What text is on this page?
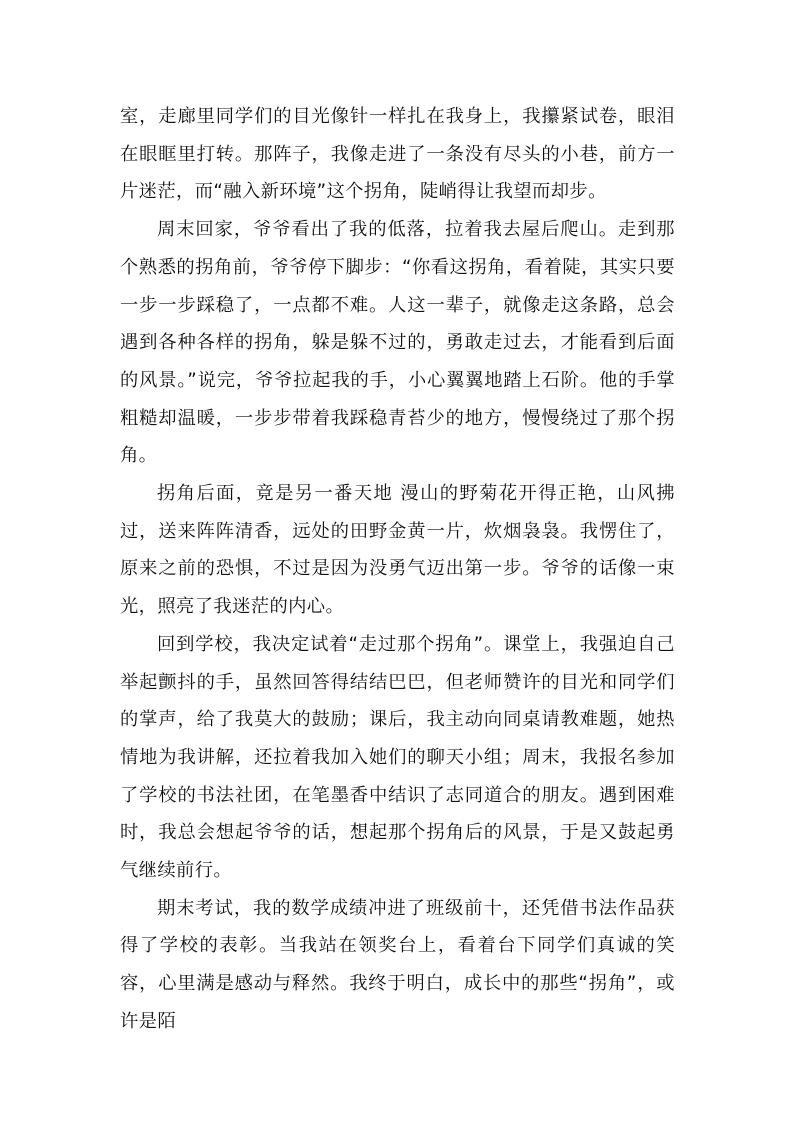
室，走廊里同学们的目光像针一样扎在我身上，我攥紧试卷，眼泪在眼眶里打转。那阵子，我像走进了一条没有尽头的小巷，前方一片迷茫，而“融入新环境”这个拐角，陡峭得让我望而却步。

周末回家，爷爷看出了我的低落，拉着我去屋后爬山。走到那个熟悉的拐角前，爷爷停下脚步：“你看这拐角，看着陡，其实只要一步一步踩稳了，一点都不难。人这一辈子，就像走这条路，总会遇到各种各样的拐角，躲是躲不过的，勇敢走过去，才能看到后面的风景。”说完，爷爷拉起我的手，小心翼翼地踏上石阶。他的手掌粗糙却温暖，一步步带着我踩稳青苔少的地方，慢慢绕过了那个拐角。

拐角后面，竟是另一番天地 漫山的野菊花开得正艳，山风拂过，送来阵阵清香，远处的田野金黄一片，炊烟袅袅。我愣住了，原来之前的恐惧，不过是因为没勇气迈出第一步。爷爷的话像一束光，照亮了我迷茫的内心。

回到学校，我决定试着“走过那个拐角”。课堂上，我强迫自己举起颤抖的手，虽然回答得结结巴巴，但老师赞许的目光和同学们的掌声，给了我莫大的鼓励；课后，我主动向同桌请教难题，她热情地为我讲解，还拉着我加入她们的聊天小组；周末，我报名参加了学校的书法社团，在笔墨香中结识了志同道合的朋友。遇到困难时，我总会想起爷爷的话，想起那个拐角后的风景，于是又鼓起勇气继续前行。

期末考试，我的数学成绩冲进了班级前十，还凭借书法作品获得了学校的表彰。当我站在领奖台上，看着台下同学们真诚的笑容，心里满是感动与释然。我终于明白，成长中的那些“拐角”，或许是陌
